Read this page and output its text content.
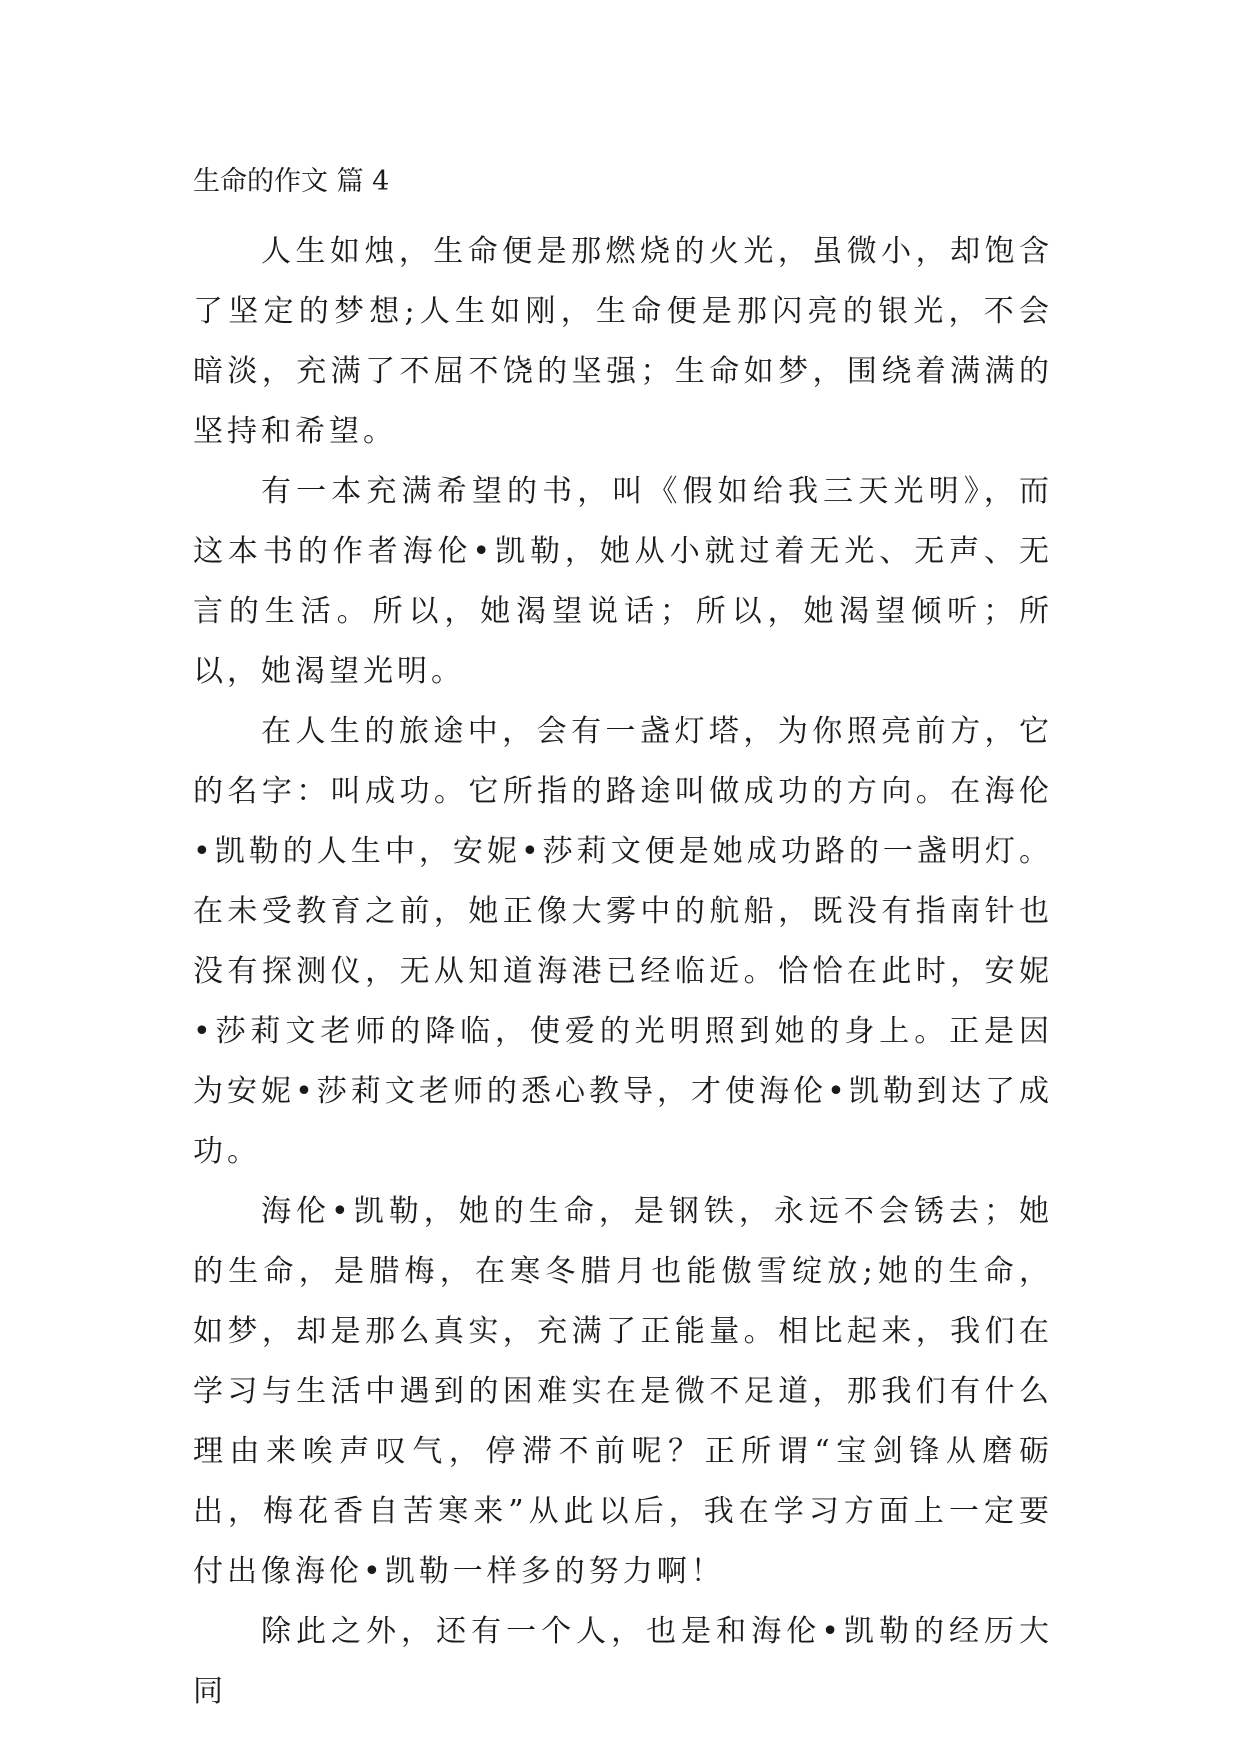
生命的作文 篇 4

人生如烛，生命便是那燃烧的火光，虽微小，却饱含了坚定的梦想;人生如刚，生命便是那闪亮的银光，不会暗淡，充满了不屈不饶的坚强；生命如梦，围绕着满满的坚持和希望。

有一本充满希望的书，叫《假如给我三天光明》，而这本书的作者海伦•凯勒，她从小就过着无光、无声、无言的生活。所以，她渴望说话；所以，她渴望倾听；所以，她渴望光明。

在人生的旅途中，会有一盏灯塔，为你照亮前方，它的名字：叫成功。它所指的路途叫做成功的方向。在海伦•凯勒的人生中，安妮•莎莉文便是她成功路的一盏明灯。在未受教育之前，她正像大雾中的航船，既没有指南针也没有探测仪，无从知道海港已经临近。恰恰在此时，安妮•莎莉文老师的降临，使爱的光明照到她的身上。正是因为安妮•莎莉文老师的悉心教导，才使海伦•凯勒到达了成功。

海伦•凯勒，她的生命，是钢铁，永远不会锈去；她的生命，是腊梅，在寒冬腊月也能傲雪绽放;她的生命，如梦，却是那么真实，充满了正能量。相比起来，我们在学习与生活中遇到的困难实在是微不足道，那我们有什么理由来唉声叹气，停滞不前呢？正所谓“宝剑锋从磨砺出，梅花香自苦寒来”从此以后，我在学习方面上一定要付出像海伦•凯勒一样多的努力啊！

除此之外，还有一个人，也是和海伦•凯勒的经历大同
